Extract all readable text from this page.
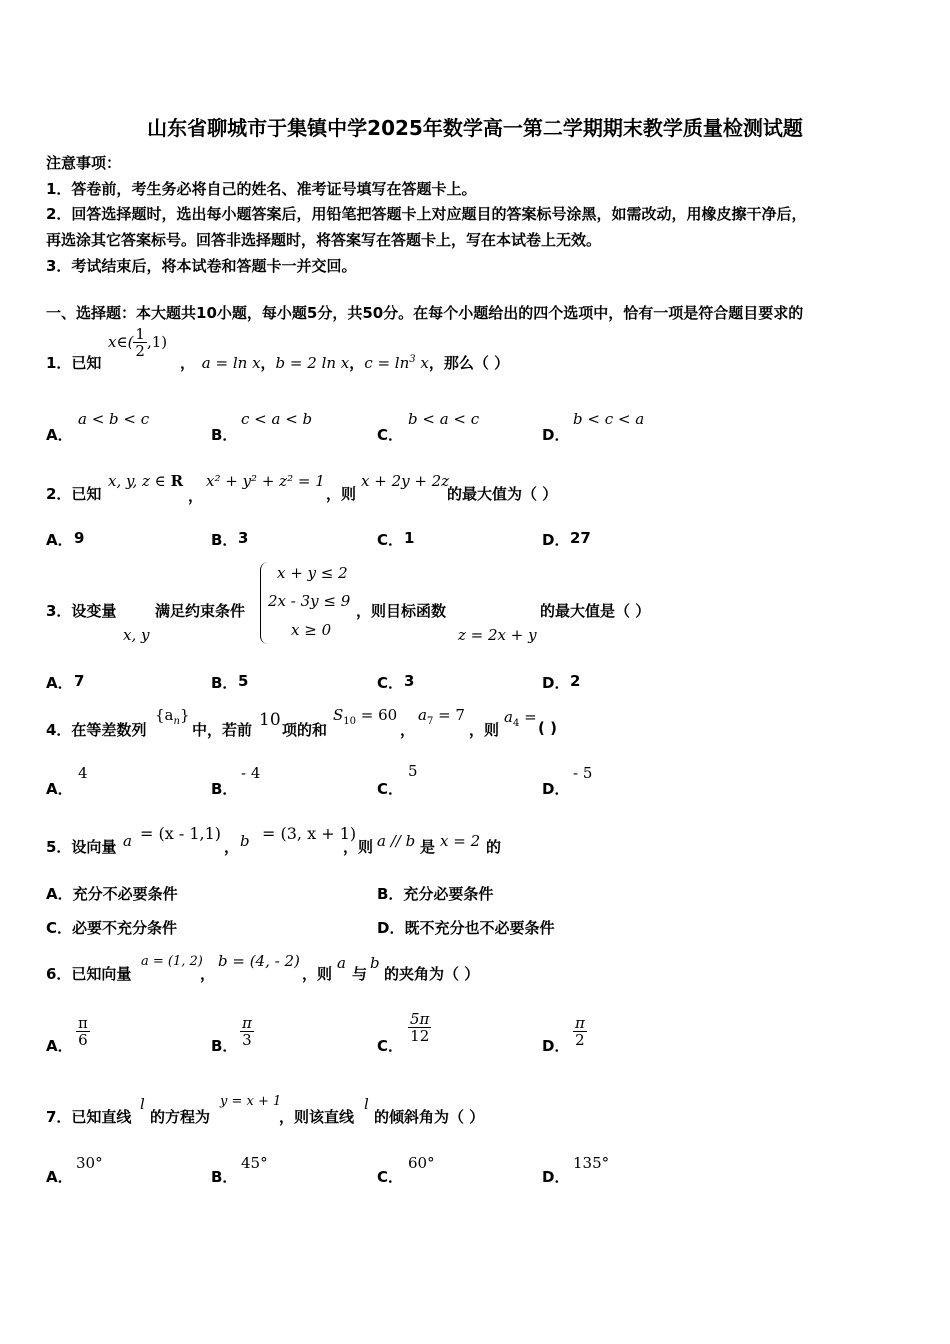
山东省聊城市于集镇中学2025年数学高一第二学期期末教学质量检测试题
注意事项：
1．答卷前，考生务必将自己的姓名、准考证号填写在答题卡上。
2．回答选择题时，选出每小题答案后，用铅笔把答题卡上对应题目的答案标号涂黑，如需改动，用橡皮擦干净后，
再选涂其它答案标号。回答非选择题时，将答案写在答题卡上，写在本试卷上无效。
3．考试结束后，将本试卷和答题卡一并交回。
一、选择题：本大题共10小题，每小题5分，共50分。在每个小题给出的四个选项中，恰有一项是符合题目要求的
1．已知
x∈( $\frac{1}{2} ,1$)
， a = ln x，b = 2 ln x，$c = \ln^3 x$，那么（ ）
A．
a < b < c
B．
c < a < b
C．
b < a < c
D．
b < c < a
2．已知
x, y, z ∈ R
，
x² + y² + z² = 1
，则
x + 2y + 2z
的最大值为（ ）
A． 9	B． 3	C． 1	D． 27
3．设变量
x, y
满足约束条件
x + y ≤ 2
2x - 3y ≤ 9
x ≥ 0
，则目标函数
z = 2x + y
的最大值是（ ）
A． 7	B． 5	C． 3	D． 2
4．在等差数列
$\{a_n\}$
中，若前 10 项的和
$S_{10} = 60$
，
$a_7 = 7$
，则
$a_4$ =
( )
A．
4
B．
- 4
C．
5
D．
- 5
5．设向量 a = (x - 1,1)
， b = (3, x + 1)
，则 a // b 是 x = 2 的
A．充分不必要条件	B．充分必要条件
C．必要不充分条件	D．既不充分也不必要条件
6．已知向量
a = (1, 2)
，
b = (4, - 2)
，则
a
与
b
的夹角为（ ）
A． $\frac{\pi}{6}$	B． $\frac{\pi}{3}$	C．
$\frac{5\pi}{12}$
D． $\frac{\pi}{2}$
7．已知直线
l
的方程为
y = x + 1
，则该直线
l
的倾斜角为（ ）
A．
30°
B．
45°
C．
60°
D．
135°
